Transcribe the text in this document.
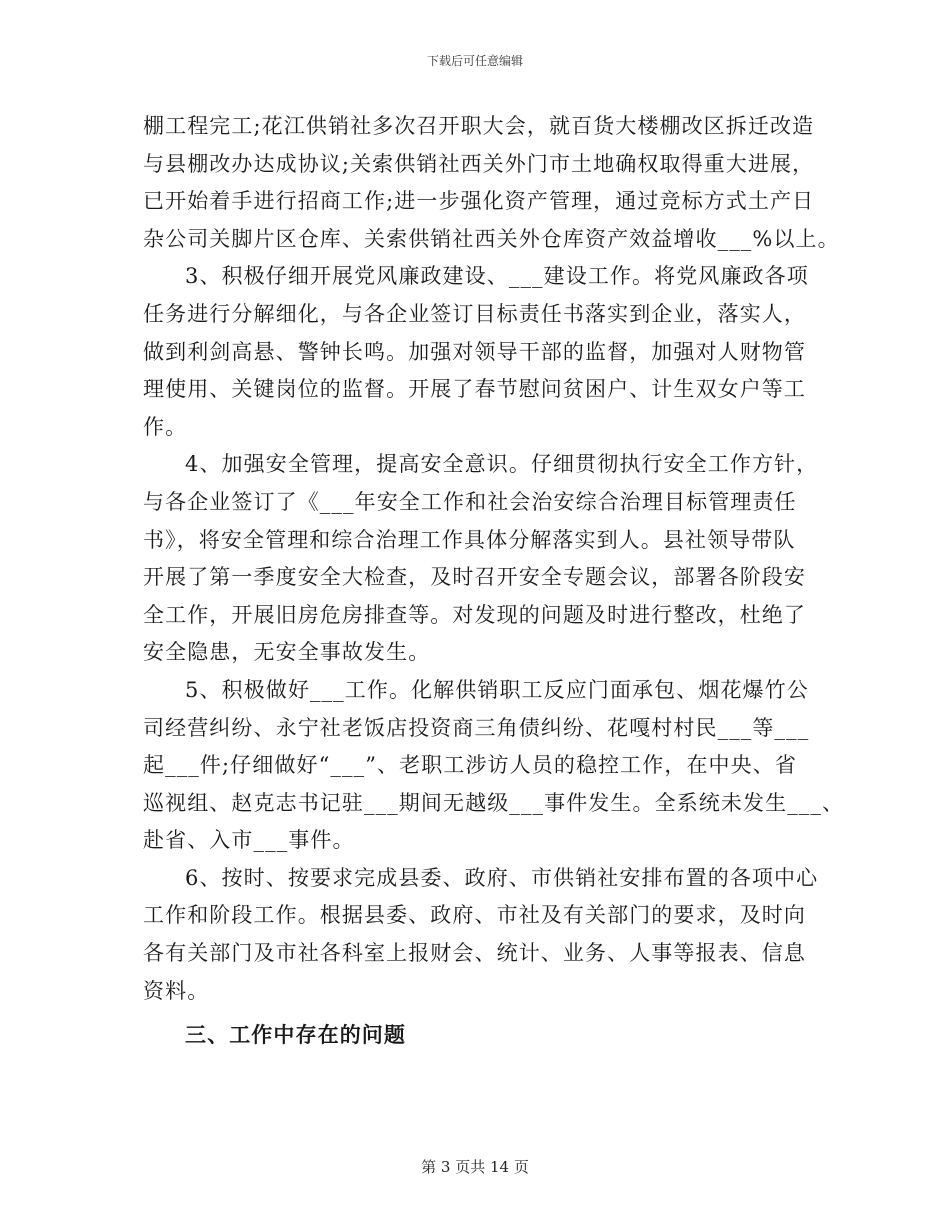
下载后可任意编辑
棚工程完工;花江供销社多次召开职大会，就百货大楼棚改区拆迁改造
与县棚改办达成协议;关索供销社西关外门市土地确权取得重大进展，
已开始着手进行招商工作;进一步强化资产管理，通过竞标方式土产日
杂公司关脚片区仓库、关索供销社西关外仓库资产效益增收___%以上。
3、积极仔细开展党风廉政建设、___建设工作。将党风廉政各项
任务进行分解细化，与各企业签订目标责任书落实到企业，落实人，
做到利剑高悬、警钟长鸣。加强对领导干部的监督，加强对人财物管
理使用、关键岗位的监督。开展了春节慰问贫困户、计生双女户等工
作。
4、加强安全管理，提高安全意识。仔细贯彻执行安全工作方针，
与各企业签订了《___年安全工作和社会治安综合治理目标管理责任
书》，将安全管理和综合治理工作具体分解落实到人。县社领导带队
开展了第一季度安全大检查，及时召开安全专题会议，部署各阶段安
全工作，开展旧房危房排查等。对发现的问题及时进行整改，杜绝了
安全隐患，无安全事故发生。
5、积极做好___工作。化解供销职工反应门面承包、烟花爆竹公
司经营纠纷、永宁社老饭店投资商三角债纠纷、花嘎村村民___等___
起___件;仔细做好“___”、老职工涉访人员的稳控工作，在中央、省
巡视组、赵克志书记驻___期间无越级___事件发生。全系统未发生___、
赴省、入市___事件。
6、按时、按要求完成县委、政府、市供销社安排布置的各项中心
工作和阶段工作。根据县委、政府、市社及有关部门的要求，及时向
各有关部门及市社各科室上报财会、统计、业务、人事等报表、信息
资料。
三、工作中存在的问题
第 3 页共 14 页
